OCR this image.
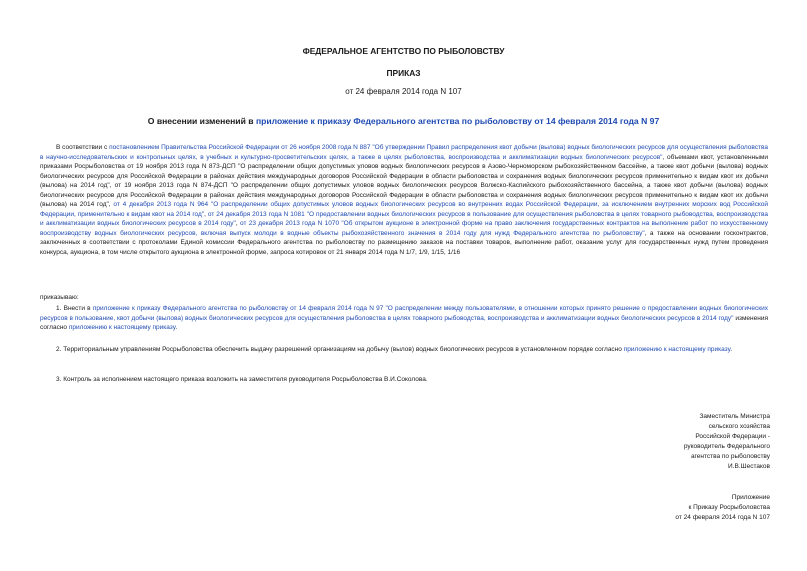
ФЕДЕРАЛЬНОЕ АГЕНТСТВО ПО РЫБОЛОВСТВУ
ПРИКАЗ
от 24 февраля 2014 года N 107
О внесении изменений в приложение к приказу Федерального агентства по рыболовству от 14 февраля 2014 года N 97

В соответствии с постановлением Правительства Российской Федерации от 26 ноября 2008 года N 887 "Об утверждении Правил распределения квот добычи (вылова) водных биологических ресурсов для осуществления рыболовства в научно-исследовательских и контрольных целях, в учебных и культурно-просветительских целях, а также в целях рыболовства, воспроизводства и акклиматизации водных биологических ресурсов", объемами квот, установленными приказами Росрыболовства от 19 ноября 2013 года N 873-ДСП "О распределении общих допустимых уловов водных биологических ресурсов в Азово-Черноморском рыбохозяйственном бассейне, а также квот добычи (вылова) водных биологических ресурсов для Российской Федерации в районах действия международных договоров Российской Федерации в области рыболовства и сохранения водных биологических ресурсов применительно к видам квот их добычи (вылова) на 2014 год", от 19 ноября 2013 года N 874-ДСП "О распределении общих допустимых уловов водных биологических ресурсов Волжско-Каспийского рыбохозяйственного бассейна, а также квот добычи (вылова) водных биологических ресурсов для Российской Федерации в районах действия международных договоров Российской Федерации в области рыболовства и сохранения водных биологических ресурсов применительно к видам квот их добычи (вылова) на 2014 год", от 4 декабря 2013 года N 964 "О распределении общих допустимых уловов водных биологических ресурсов во внутренних водах Российской Федерации, за исключением внутренних морских вод Российской Федерации, применительно к видам квот на 2014 год", от 24 декабря 2013 года N 1081 "О предоставлении водных биологических ресурсов в пользование для осуществления рыболовства в целях товарного рыбоводства, воспроизводства и акклиматизации водных биологических ресурсов в 2014 году", от 23 декабря 2013 года N 1070 "Об открытом аукционе в электронной форме на право заключения государственных контрактов на выполнение работ по искусственному воспроизводству водных биологических ресурсов, включая выпуск молоди в водные объекты рыбохозяйственного значения в 2014 году для нужд Федерального агентства по рыболовству", а также на основании госконтрактов, заключенных в соответствии с протоколами Единой комиссии Федерального агентства по рыболовству по размещению заказов на поставки товаров, выполнение работ, оказание услуг для государственных нужд путем проведения конкурса, аукциона, в том числе открытого аукциона в электронной форме, запроса котировок от 21 января 2014 года N 1/7, 1/9, 1/15, 1/16

приказываю:

1. Внести в приложение к приказу Федерального агентства по рыболовству от 14 февраля 2014 года N 97 "О распределении между пользователями, в отношении которых принято решение о предоставлении водных биологических ресурсов в пользование, квот добычи (вылова) водных биологических ресурсов для осуществления рыболовства в целях товарного рыбоводства, воспроизводства и акклиматизации водных биологических ресурсов в 2014 году" изменения согласно приложению к настоящему приказу.

2. Территориальным управлениям Росрыболовства обеспечить выдачу разрешений организациям на добычу (вылов) водных биологических ресурсов в установленном порядке согласно приложению к настоящему приказу.

3. Контроль за исполнением настоящего приказа возложить на заместителя руководителя Росрыболовства В.И.Соколова.

Заместитель Министра
сельского хозяйства
Российской Федерации -
руководитель Федерального
агентства по рыболовству
И.В.Шестаков
Приложение
к Приказу Росрыболовства
от 24 февраля 2014 года N 107
